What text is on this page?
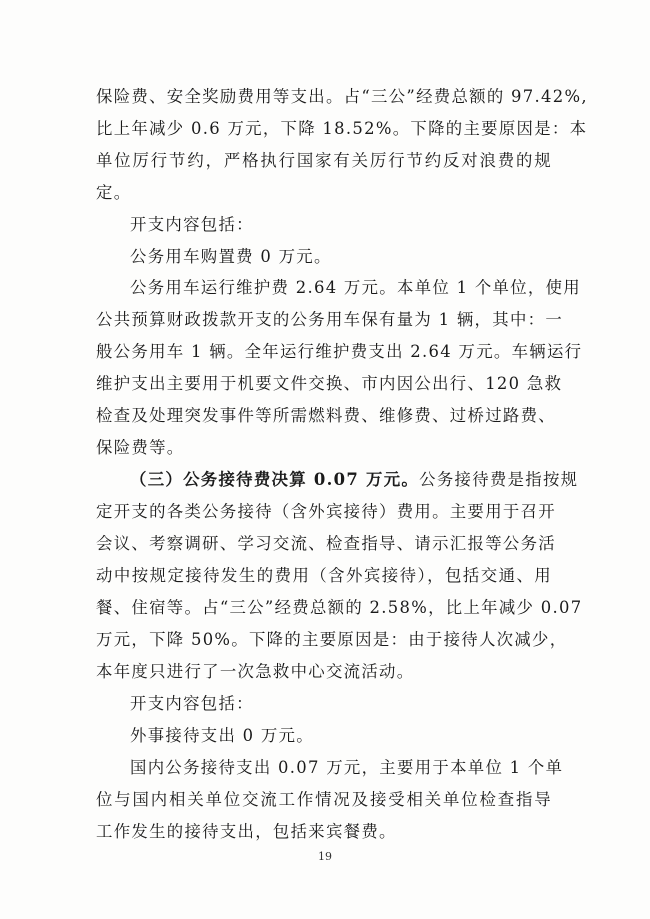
保险费、安全奖励费用等支出。占“三公”经费总额的 97.42%,
比上年减少 0.6 万元，下降 18.52%。下降的主要原因是：本
单位厉行节约，严格执行国家有关厉行节约反对浪费的规
定。
开支内容包括：
公务用车购置费 0 万元。
公务用车运行维护费 2.64 万元。本单位 1 个单位，使用
公共预算财政拨款开支的公务用车保有量为 1 辆，其中：一
般公务用车 1 辆。全年运行维护费支出 2.64 万元。车辆运行
维护支出主要用于机要文件交换、市内因公出行、120 急救
检查及处理突发事件等所需燃料费、维修费、过桥过路费、
保险费等。
（三）公务接待费决算 0.07 万元。公务接待费是指按规
定开支的各类公务接待（含外宾接待）费用。主要用于召开
会议、考察调研、学习交流、检查指导、请示汇报等公务活
动中按规定接待发生的费用（含外宾接待），包括交通、用
餐、住宿等。占“三公”经费总额的 2.58%，比上年减少 0.07
万元，下降 50%。下降的主要原因是：由于接待人次减少，
本年度只进行了一次急救中心交流活动。
开支内容包括：
外事接待支出 0 万元。
国内公务接待支出 0.07 万元，主要用于本单位 1 个单
位与国内相关单位交流工作情况及接受相关单位检查指导
工作发生的接待支出，包括来宾餐费。
19
